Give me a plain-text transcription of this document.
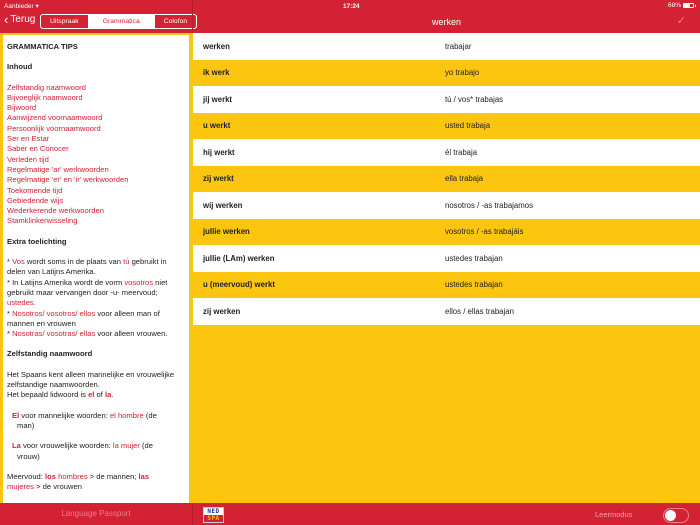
Aanbieder ▾	17:24	68%
‹ Terug	Uitspraak	Grammatica	Colofon	werken	✓
GRAMMATICA TIPS
Inhoud
Zelfstandig naamwoord
Bijvoeglijk naamwoord
Bijwoord
Aanwijzend voornaamwoord
Persoonlijk voornaamwoord
Ser en Estar
Saber en Conocer
Verleden tijd
Regelmatige 'ar' werkwoorden
Regelmatige 'er' en 'ir' werkwoorden
Toekomende tijd
Gebiedende wijs
Wederkerende werkwoorden
Stamklinkerwisseling
Extra toelichting
* Vos wordt soms in de plaats van tú gebruikt in delen van Latijns Amerika.
* In Latijns Amerika wordt de vorm vosotros niet gebruikt maar vervangen door -u- meervoud; ustedes.
* Nosotros/ vosotros/ ellos voor alleen man of mannen en vrouwen
* Nosotras/ vosotras/ ellas voor alleen vrouwen.
Zelfstandig naamwoord
Het Spaans kent alleen mannelijke en vrouwelijke zelfstandige naamwoorden.
Het bepaald lidwoord is el of la.
El voor mannelijke woorden: el hombre (de
man)
La voor vrouwelijke woorden: la mujer (de
vrouw)
Meervoud: los hombres > de mannen; las
mujeres > de vrouwen
werken	trabajar
ik werk	yo trabajo
jij werkt	tú / vos* trabajas
u werkt	usted trabaja
hij werkt	él trabaja
zij werkt	ella trabaja
wij werken	nosotros / -as trabajamos
jullie werken	vosotros / -as trabajáis
jullie (LAm) werken	ustedes trabajan
u (meervoud) werkt	ustedes trabajan
zij werken	ellos / ellas trabajan
Language Passport	NED
SPA	Leermodus
